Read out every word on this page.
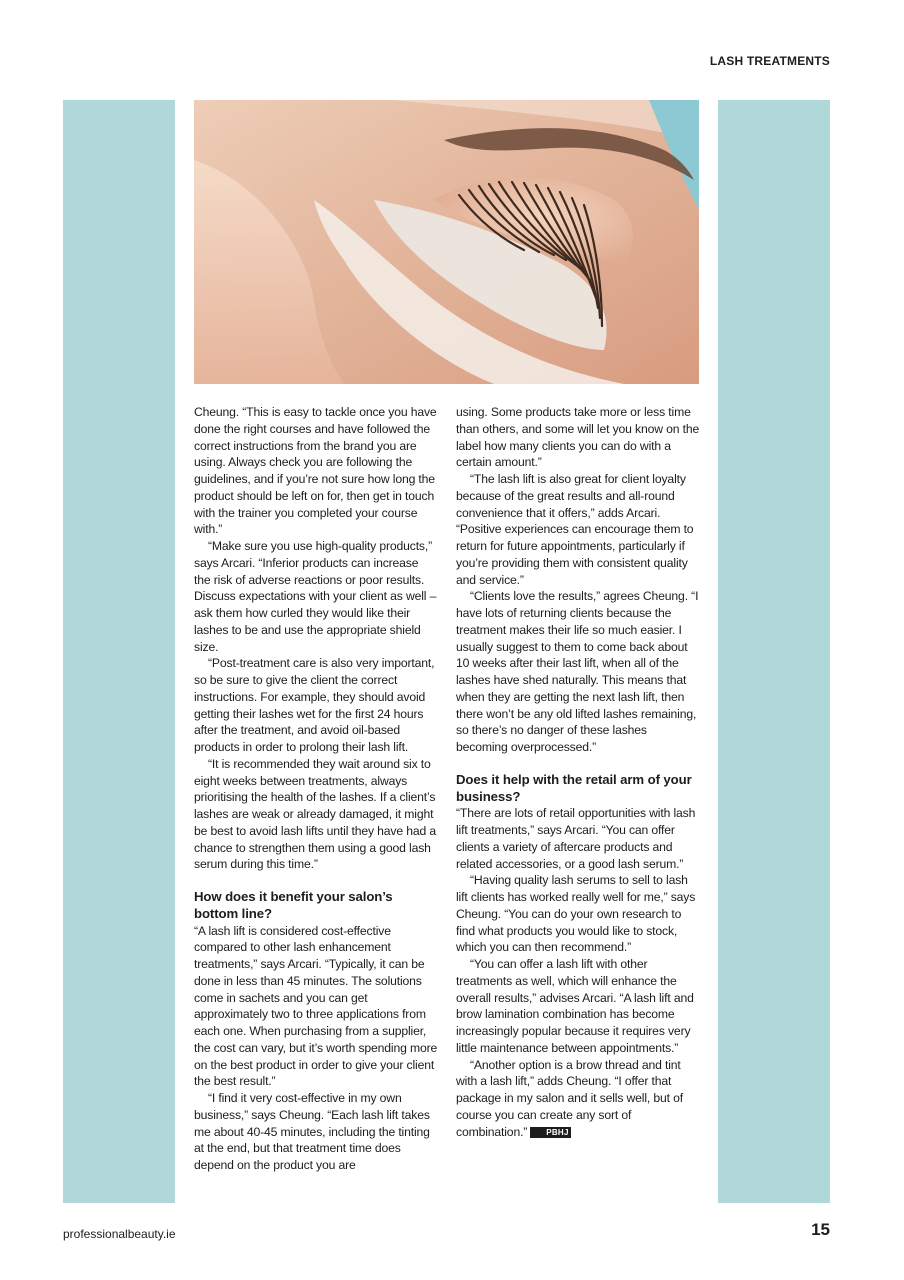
LASH TREATMENTS

Cheung. “This is easy to tackle once you have done the right courses and have followed the correct instructions from the brand you are using. Always check you are following the guidelines, and if you’re not sure how long the product should be left on for, then get in touch with the trainer you completed your course with.”

“Make sure you use high-quality products,” says Arcari. “Inferior products can increase the risk of adverse reactions or poor results. Discuss expectations with your client as well – ask them how curled they would like their lashes to be and use the appropriate shield size.

“Post-treatment care is also very important, so be sure to give the client the correct instructions. For example, they should avoid getting their lashes wet for the first 24 hours after the treatment, and avoid oil-based products in order to prolong their lash lift.

“It is recommended they wait around six to eight weeks between treatments, always prioritising the health of the lashes. If a client’s lashes are weak or already damaged, it might be best to avoid lash lifts until they have had a chance to strengthen them using a good lash serum during this time.”

How does it benefit your salon’s bottom line?

“A lash lift is considered cost-effective compared to other lash enhancement treatments,” says Arcari. “Typically, it can be done in less than 45 minutes. The solutions come in sachets and you can get approximately two to three applications from each one. When purchasing from a supplier, the cost can vary, but it’s worth spending more on the best product in order to give your client the best result.”

“I find it very cost-effective in my own business,” says Cheung. “Each lash lift takes me about 40-45 minutes, including the tinting at the end, but that treatment time does depend on the product you are

using. Some products take more or less time than others, and some will let you know on the label how many clients you can do with a certain amount.”

“The lash lift is also great for client loyalty because of the great results and all-round convenience that it offers,” adds Arcari. “Positive experiences can encourage them to return for future appointments, particularly if you’re providing them with consistent quality and service.”

“Clients love the results,” agrees Cheung. “I have lots of returning clients because the treatment makes their life so much easier. I usually suggest to them to come back about 10 weeks after their last lift, when all of the lashes have shed naturally. This means that when they are getting the next lash lift, then there won’t be any old lifted lashes remaining, so there’s no danger of these lashes becoming overprocessed.”

Does it help with the retail arm of your business?

“There are lots of retail opportunities with lash lift treatments,” says Arcari. “You can offer clients a variety of aftercare products and related accessories, or a good lash serum.”

“Having quality lash serums to sell to lash lift clients has worked really well for me,” says Cheung. “You can do your own research to find what products you would like to stock, which you can then recommend.”

“You can offer a lash lift with other treatments as well, which will enhance the overall results,” advises Arcari. “A lash lift and brow lamination combination has become increasingly popular because it requires very little maintenance between appointments.”

“Another option is a brow thread and tint with a lash lift,” adds Cheung. “I offer that package in my salon and it sells well, but of course you can create any sort of combination.” PBHJ

professionalbeauty.ie	15
